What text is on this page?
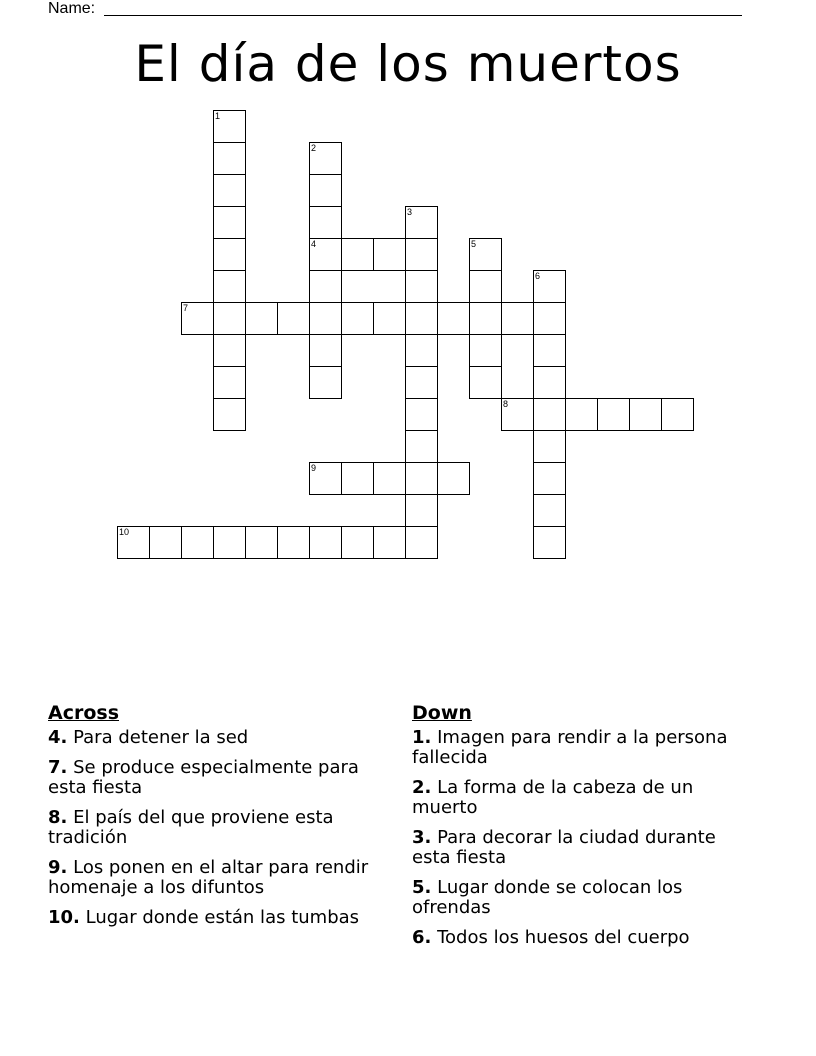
Name:
El día de los muertos
1
2
4
3
5
6
7
8
9
10
Across
4. Para detener la sed
7. Se produce especialmente para esta fiesta
8. El país del que proviene esta tradición
9. Los ponen en el altar para rendir homenaje a los difuntos
10. Lugar donde están las tumbas
Down
1. Imagen para rendir a la persona fallecida
2. La forma de la cabeza de un muerto
3. Para decorar la ciudad durante esta fiesta
5. Lugar donde se colocan los ofrendas
6. Todos los huesos del cuerpo
